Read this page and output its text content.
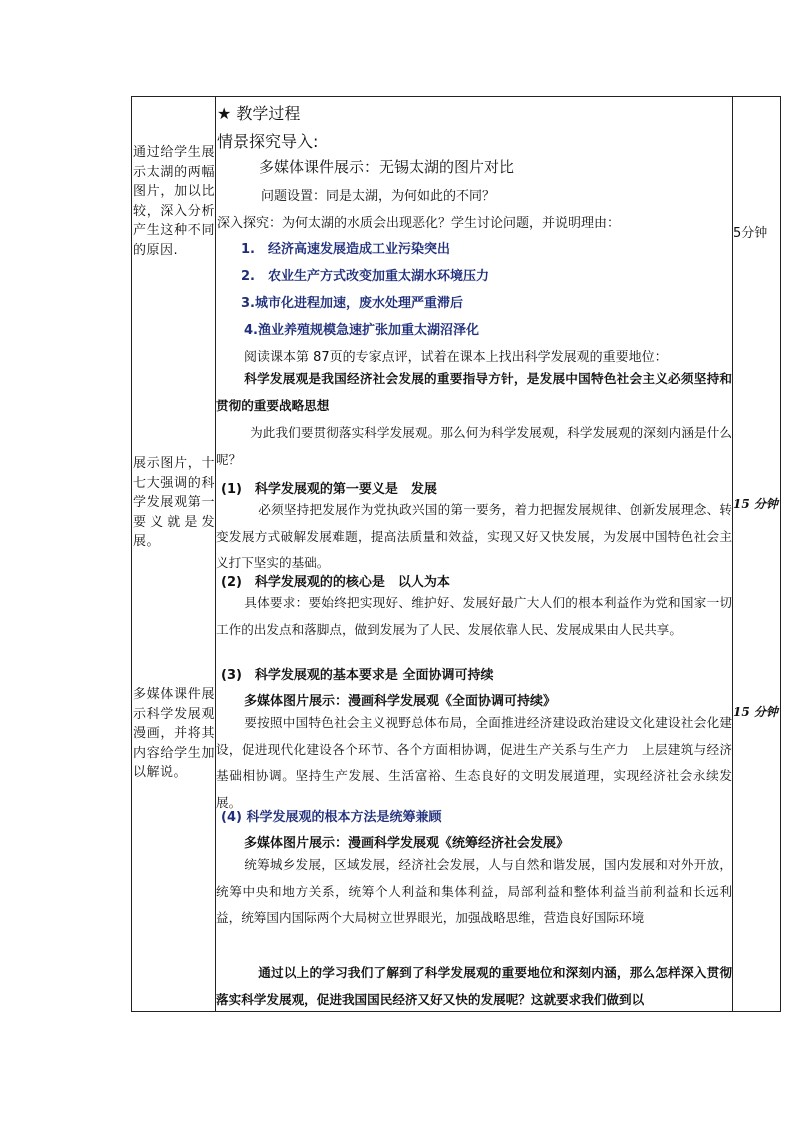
通过给学生展示太湖的两幅图片，加以比较，深入分析产生这种不同的原因.
展示图片，十七大强调的科学发展观第一要义就是发展。
多媒体课件展示科学发展观漫画，并将其内容给学生加以解说。
5分钟
15 分钟
15 分钟
★ 教学过程
情景探究导入:
多媒体课件展示：无锡太湖的图片对比
问题设置：同是太湖，为何如此的不同？
深入探究：为何太湖的水质会出现恶化？学生讨论问题，并说明理由：
1.　经济高速发展造成工业污染突出
2.　农业生产方式改变加重太湖水环境压力
3.城市化进程加速，废水处理严重滞后
4.渔业养殖规模急速扩张加重太湖沼泽化
阅读课本第 87页的专家点评，试着在课本上找出科学发展观的重要地位：
科学发展观是我国经济社会发展的重要指导方针，是发展中国特色社会主义必须坚持和贯彻的重要战略思想
为此我们要贯彻落实科学发展观。那么何为科学发展观，科学发展观的深刻内涵是什么呢？
(1)　科学发展观的第一要义是　发展
必须坚持把发展作为党执政兴国的第一要务，着力把握发展规律、创新发展理念、转变发展方式破解发展难题，提高法质量和效益，实现又好又快发展，为发展中国特色社会主义打下坚实的基础。
(2)　科学发展观的的核心是　以人为本
具体要求：要始终把实现好、维护好、发展好最广大人们的根本利益作为党和国家一切工作的出发点和落脚点，做到发展为了人民、发展依靠人民、发展成果由人民共享。
(3)　科学发展观的基本要求是 全面协调可持续
多媒体图片展示：漫画科学发展观《全面协调可持续》
要按照中国特色社会主义视野总体布局，全面推进经济建设政治建设文化建设社会化建设，促进现代化建设各个环节、各个方面相协调，促进生产关系与生产力　上层建筑与经济基础相协调。坚持生产发展、生活富裕、生态良好的文明发展道理，实现经济社会永续发展。
(4) 科学发展观的根本方法是统筹兼顾
多媒体图片展示：漫画科学发展观《统筹经济社会发展》
统筹城乡发展，区域发展，经济社会发展，人与自然和谐发展，国内发展和对外开放，统筹中央和地方关系，统筹个人利益和集体利益，局部利益和整体利益当前利益和长远利益，统筹国内国际两个大局树立世界眼光，加强战略思维，营造良好国际环境
通过以上的学习我们了解到了科学发展观的重要地位和深刻内涵，那么怎样深入贯彻落实科学发展观，促进我国国民经济又好又快的发展呢？这就要求我们做到以
